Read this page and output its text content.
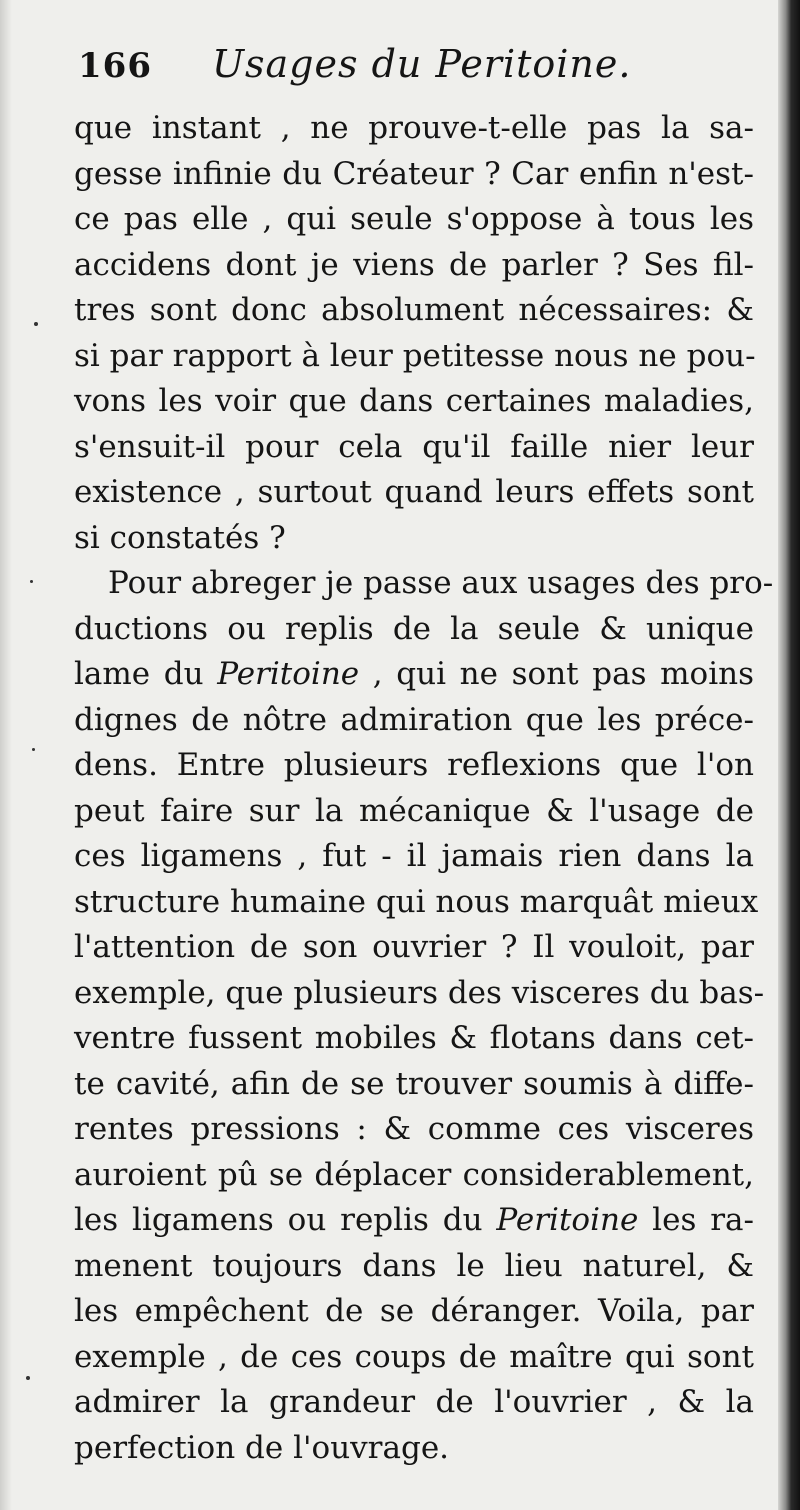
166	Usages du Peritoine.
que instant , ne prouve-t-elle pas la sa-
gesse infinie du Créateur ? Car enfin n'est-
ce pas elle , qui seule s'oppose à tous les
accidens dont je viens de parler ? Ses fil-
tres sont donc absolument nécessaires: &
si par rapport à leur petitesse nous ne pou-
vons les voir que dans certaines maladies,
s'ensuit-il pour cela qu'il faille nier leur
existence , surtout quand leurs effets sont
si constatés ?
Pour abreger je passe aux usages des pro-
ductions ou replis de la seule & unique
lame du Peritoine , qui ne sont pas moins
dignes de nôtre admiration que les préce-
dens. Entre plusieurs reflexions que l'on
peut faire sur la mécanique & l'usage de
ces ligamens , fut - il jamais rien dans la
structure humaine qui nous marquât mieux
l'attention de son ouvrier ? Il vouloit, par
exemple, que plusieurs des visceres du bas-
ventre fussent mobiles & flotans dans cet-
te cavité, afin de se trouver soumis à diffe-
rentes pressions : & comme ces visceres
auroient pû se déplacer considerablement,
les ligamens ou replis du Peritoine les ra-
menent toujours dans le lieu naturel, &
les empêchent de se déranger. Voila, par
exemple , de ces coups de maître qui sont
admirer la grandeur de l'ouvrier , & la
perfection de l'ouvrage.
